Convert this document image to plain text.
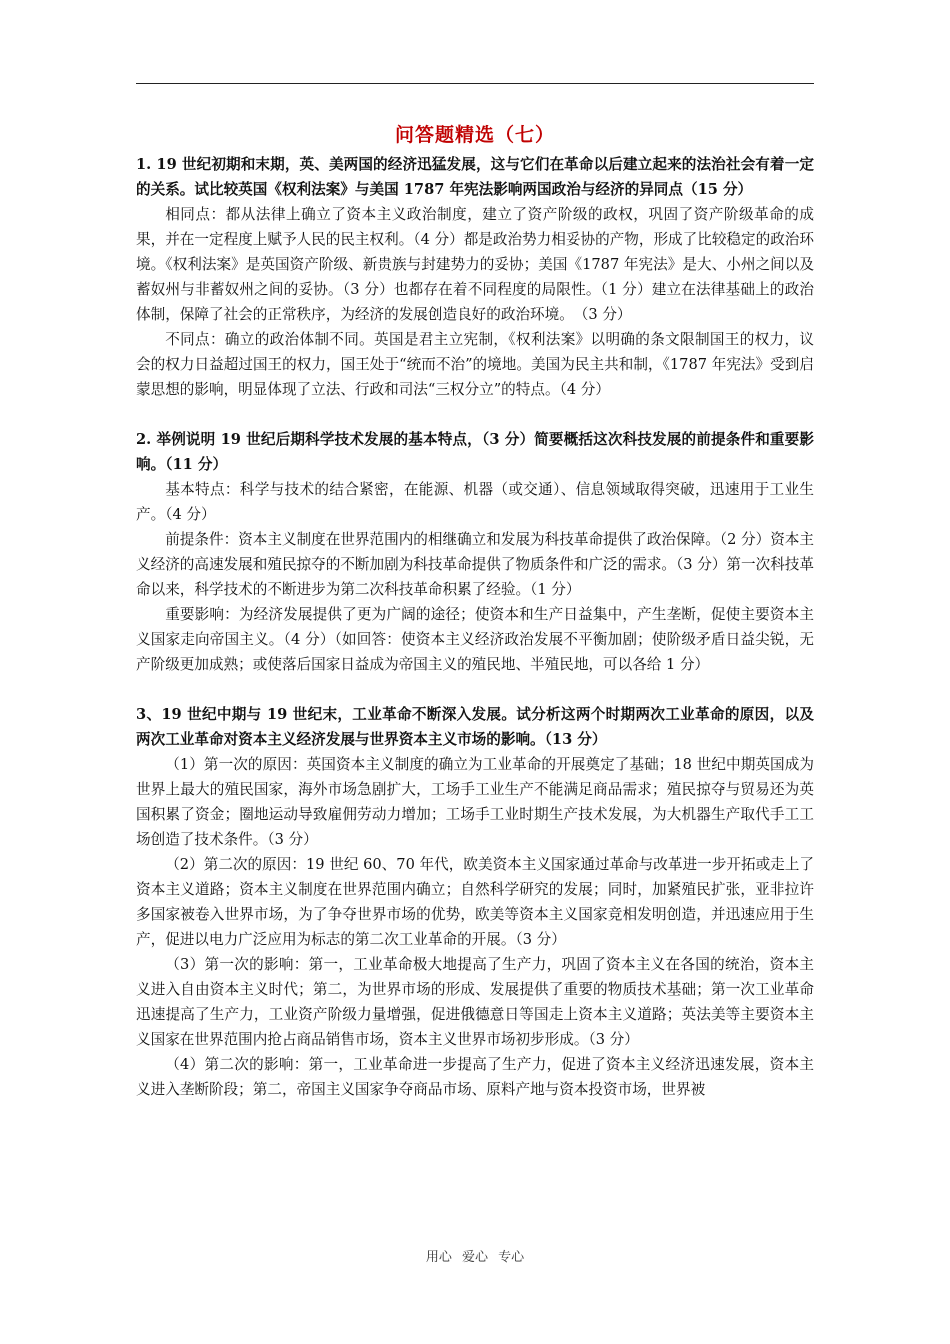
问答题精选（七）

1. 19 世纪初期和末期，英、美两国的经济迅猛发展，这与它们在革命以后建立起来的法治社会有着一定的关系。试比较英国《权利法案》与美国 1787 年宪法影响两国政治与经济的异同点（15 分）

相同点：都从法律上确立了资本主义政治制度，建立了资产阶级的政权，巩固了资产阶级革命的成果，并在一定程度上赋予人民的民主权利。（4 分）都是政治势力相妥协的产物，形成了比较稳定的政治环境。《权利法案》是英国资产阶级、新贵族与封建势力的妥协；美国《1787 年宪法》是大、小州之间以及蓄奴州与非蓄奴州之间的妥协。（3 分）也都存在着不同程度的局限性。（1 分）建立在法律基础上的政治体制，保障了社会的正常秩序，为经济的发展创造良好的政治环境。　（3 分）

不同点：确立的政治体制不同。英国是君主立宪制，《权利法案》以明确的条文限制国王的权力，议会的权力日益超过国王的权力，国王处于“统而不治”的境地。美国为民主共和制，《1787 年宪法》受到启蒙思想的影响，明显体现了立法、行政和司法“三权分立”的特点。（4 分）

2. 举例说明 19 世纪后期科学技术发展的基本特点，（3 分）简要概括这次科技发展的前提条件和重要影响。（11 分）

基本特点：科学与技术的结合紧密，在能源、机器（或交通）、信息领域取得突破，迅速用于工业生产。（4 分）

前提条件：资本主义制度在世界范围内的相继确立和发展为科技革命提供了政治保障。（2 分）资本主义经济的高速发展和殖民掠夺的不断加剧为科技革命提供了物质条件和广泛的需求。（3 分）第一次科技革命以来，科学技术的不断进步为第二次科技革命积累了经验。（1 分）

重要影响：为经济发展提供了更为广阔的途径；使资本和生产日益集中，产生垄断，促使主要资本主义国家走向帝国主义。（4 分）（如回答：使资本主义经济政治发展不平衡加剧；使阶级矛盾日益尖锐，无产阶级更加成熟；或使落后国家日益成为帝国主义的殖民地、半殖民地，可以各给 1 分）

3、19 世纪中期与 19 世纪末，工业革命不断深入发展。试分析这两个时期两次工业革命的原因，以及两次工业革命对资本主义经济发展与世界资本主义市场的影响。（13 分）

（1）第一次的原因：英国资本主义制度的确立为工业革命的开展奠定了基础；18 世纪中期英国成为世界上最大的殖民国家，海外市场急剧扩大，工场手工业生产不能满足商品需求；殖民掠夺与贸易还为英国积累了资金；圈地运动导致雇佣劳动力增加；工场手工业时期生产技术发展，为大机器生产取代手工工场创造了技术条件。（3 分）

（2）第二次的原因：19 世纪 60、70 年代，欧美资本主义国家通过革命与改革进一步开拓或走上了资本主义道路；资本主义制度在世界范围内确立；自然科学研究的发展；同时，加紧殖民扩张，亚非拉许多国家被卷入世界市场，为了争夺世界市场的优势，欧美等资本主义国家竞相发明创造，并迅速应用于生产，促进以电力广泛应用为标志的第二次工业革命的开展。（3 分）

（3）第一次的影响：第一，工业革命极大地提高了生产力，巩固了资本主义在各国的统治，资本主义进入自由资本主义时代；第二，为世界市场的形成、发展提供了重要的物质技术基础；第一次工业革命迅速提高了生产力，工业资产阶级力量增强，促进俄德意日等国走上资本主义道路；英法美等主要资本主义国家在世界范围内抢占商品销售市场，资本主义世界市场初步形成。（3 分）

（4）第二次的影响：第一，工业革命进一步提高了生产力，促进了资本主义经济迅速发展，资本主义进入垄断阶段；第二，帝国主义国家争夺商品市场、原料产地与资本投资市场，世界被

用心 爱心 专心
